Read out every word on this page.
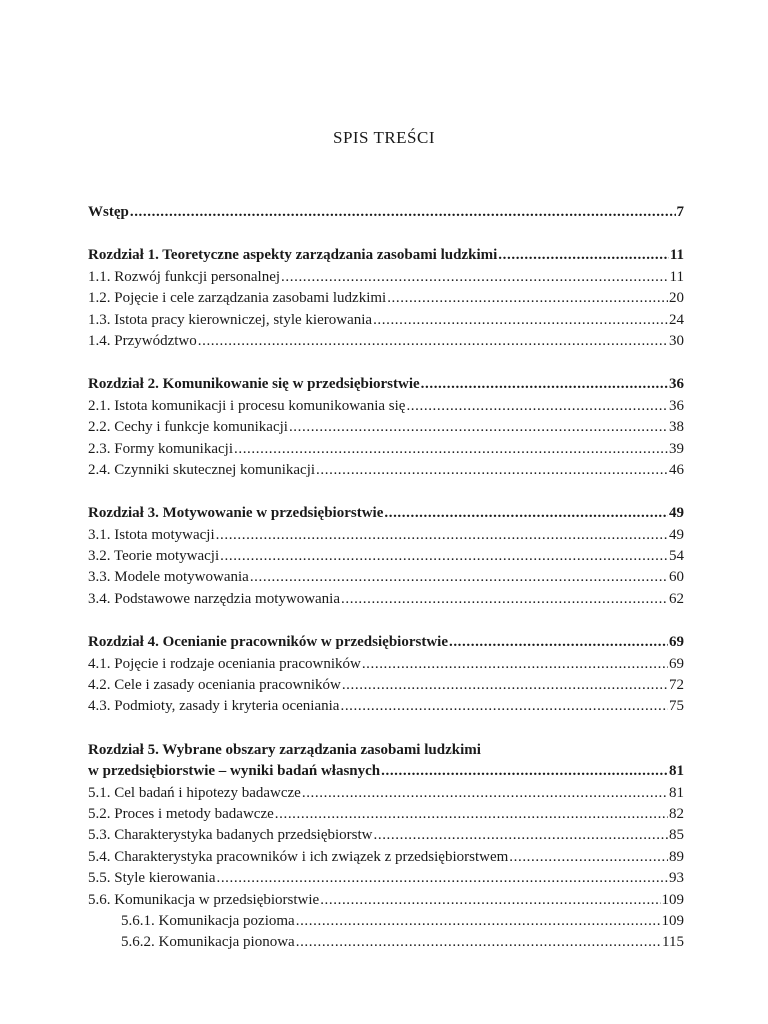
SPIS TREŚCI
Wstęp .....	7
Rozdział 1. Teoretyczne aspekty zarządzania zasobami ludzkimi .....	11
1.1. Rozwój funkcji personalnej .....	11
1.2. Pojęcie i cele zarządzania zasobami ludzkimi .....	20
1.3. Istota pracy kierowniczej, style kierowania .....	24
1.4. Przywództwo .....	30
Rozdział 2. Komunikowanie się w przedsiębiorstwie .....	36
2.1. Istota komunikacji i procesu komunikowania się .....	36
2.2. Cechy i funkcje komunikacji .....	38
2.3. Formy komunikacji .....	39
2.4. Czynniki skutecznej komunikacji .....	46
Rozdział 3. Motywowanie w przedsiębiorstwie .....	49
3.1. Istota motywacji .....	49
3.2. Teorie motywacji .....	54
3.3. Modele motywowania .....	60
3.4. Podstawowe narzędzia motywowania .....	62
Rozdział 4. Ocenianie pracowników w przedsiębiorstwie .....	69
4.1. Pojęcie i rodzaje oceniania pracowników .....	69
4.2. Cele i zasady oceniania pracowników .....	72
4.3. Podmioty, zasady i kryteria oceniania .....	75
Rozdział 5. Wybrane obszary zarządzania zasobami ludzkimi
w przedsiębiorstwie – wyniki badań własnych .....	81
5.1. Cel badań i hipotezy badawcze .....	81
5.2. Proces i metody badawcze .....	82
5.3. Charakterystyka badanych przedsiębiorstw .....	85
5.4. Charakterystyka pracowników i ich związek z przedsiębiorstwem .....	89
5.5. Style kierowania .....	93
5.6. Komunikacja w przedsiębiorstwie .....	109
5.6.1. Komunikacja pozioma .....	109
5.6.2. Komunikacja pionowa .....	115
